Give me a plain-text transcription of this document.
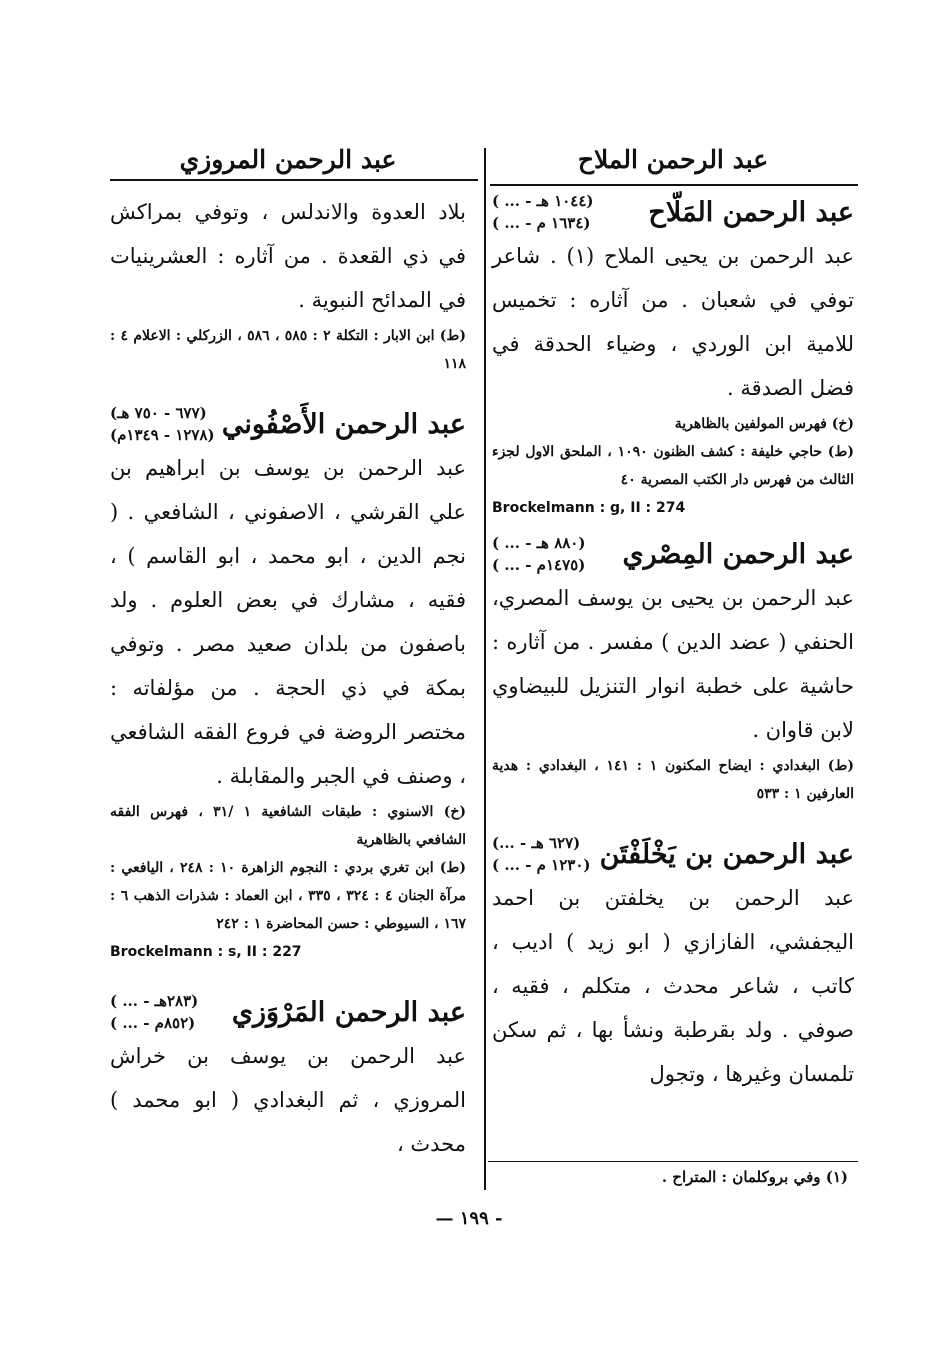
عبد الرحمن الملاح
عبد الرحمن المَلّاح
( ... - ١٠٤٤ هـ)
( ... - ١٦٣٤ م)
عبد الرحمن بن يحيى الملاح (١) . شاعر توفي في شعبان . من آثاره : تخميس للامية ابن الوردي ، وضياء الحدقة في فضل الصدقة .
(خ) فهرس المولفين بالظاهرية
(ط) حاجي خليفة : كشف الظنون ١٠٩٠ ، الملحق الاول لجزء الثالث من فهرس دار الكتب المصرية ٤٠
Brockelmann : g, II : 274
عبد الرحمن المِصْري
( ... - ٨٨٠ هـ)
( ... - ١٤٧٥م)
عبد الرحمن بن يحيى بن يوسف المصري، الحنفي ( عضد الدين ) مفسر . من آثاره : حاشية على خطبة انوار التنزيل للبيضاوي لابن قاوان .
(ط) البغدادي : ايضاح المكنون ١ : ١٤١ ، البغدادي : هدية العارفين ١ : ٥٣٣
عبد الرحمن بن يَخْلَفْتَن
(... - ٦٢٧ هـ)
( ... - ١٢٣٠ م)
عبد الرحمن بن يخلفتن بن احمد اليجفشي، الفازازي ( ابو زيد ) اديب ، كاتب ، شاعر محدث ، متكلم ، فقيه ، صوفي . ولد بقرطبة ونشأ بها ، ثم سكن تلمسان وغيرها ، وتجول
(١) وفي بروكلمان : المتراح .
عبد الرحمن المروزي
بلاد العدوة والاندلس ، وتوفي بمراكش في ذي القعدة . من آثاره : العشرينيات في المدائح النبوية .
(ط) ابن الابار : التكلة ٢ : ٥٨٥ ، ٥٨٦ ، الزركلي : الاعلام ٤ : ١١٨
عبد الرحمن الأَصْفُوني
(٦٧٧ - ٧٥٠ هـ)
(١٢٧٨ - ١٣٤٩م)
عبد الرحمن بن يوسف بن ابراهيم بن علي القرشي ، الاصفوني ، الشافعي . ( نجم الدين ، ابو محمد ، ابو القاسم ) ، فقيه ، مشارك في بعض العلوم . ولد باصفون من بلدان صعيد مصر . وتوفي بمكة في ذي الحجة . من مؤلفاته : مختصر الروضة في فروع الفقه الشافعي ، وصنف في الجبر والمقابلة .
(خ) الاسنوي : طبقات الشافعية ١ /٣١ ، فهرس الفقه الشافعي بالظاهرية
(ط) ابن تغري بردي : النجوم الزاهرة ١٠ : ٢٤٨ ، اليافعي : مرآة الجنان ٤ : ٣٢٤ ، ٣٣٥ ، ابن العماد : شذرات الذهب ٦ : ١٦٧ ، السيوطي : حسن المحاضرة ١ : ٢٤٢
Brockelmann : s, II : 227
عبد الرحمن المَرْوَزي
( ... - ٢٨٣هـ)
( ... - ٨٥٢م)
عبد الرحمن بن يوسف بن خراش المروزي ، ثم البغدادي ( ابو محمد ) محدث ،
— ١٩٩ -
